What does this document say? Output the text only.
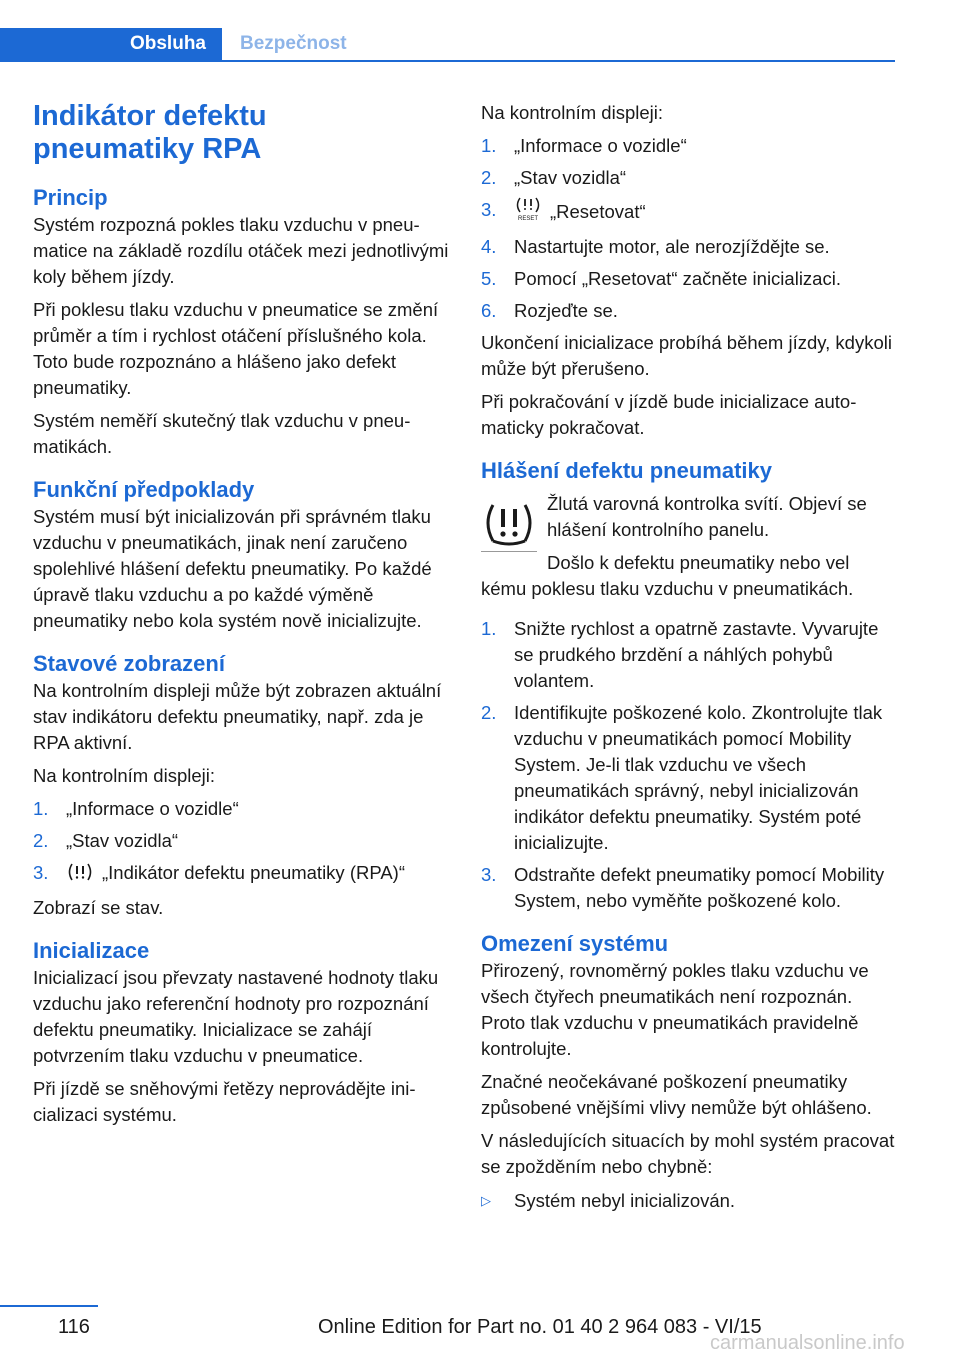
Obsluha	Bezpečnost
Indikátor defektu
pneumatiky RPA
Princip

Systém rozpozná pokles tlaku vzduchu v pneumatice na základě rozdílu otáček mezi jednotlivými koly během jízdy.

Při poklesu tlaku vzduchu v pneumatice se změní průměr a tím i rychlost otáčení příslušného kola. Toto bude rozpoznáno a hlášeno jako defekt pneumatiky.

Systém neměří skutečný tlak vzduchu v pneumatikách.

Funkční předpoklady

Systém musí být inicializován při správném tlaku vzduchu v pneumatikách, jinak není zaručeno spolehlivé hlášení defektu pneumatiky. Po každé úpravě tlaku vzduchu a po každé výměně pneumatiky nebo kola systém nově inicializujte.

Stavové zobrazení

Na kontrolním displeji může být zobrazen aktuální stav indikátoru defektu pneumatiky, např. zda je RPA aktivní.

Na kontrolním displeji:

1. „Informace o vozidle“
2. „Stav vozidla“
3.	„Indikátor defektu pneumatiky (RPA)“

Zobrazí se stav.

Inicializace

Inicializací jsou převzaty nastavené hodnoty tlaku vzduchu jako referenční hodnoty pro rozpoznání defektu pneumatiky. Inicializace se zahájí potvrzením tlaku vzduchu v pneumatice.

Při jízdě se sněhovými řetězy neprovádějte inicializaci systému.

Na kontrolním displeji:

1. „Informace o vozidle“
2. „Stav vozidla“
3.	RESET „Resetovat“
4. Nastartujte motor, ale nerozjíždějte se.
5. Pomocí „Resetovat“ začněte inicializaci.
6. Rozjeďte se.

Ukončení inicializace probíhá během jízdy, kdykoli může být přerušeno.

Při pokračování v jízdě bude inicializace automaticky pokračovat.

Hlášení defektu pneumatiky

Žlutá varovná kontrolka svítí. Objeví se hlášení kontrolního panelu.

Došlo k defektu pneumatiky nebo vel

kému poklesu tlaku vzduchu v pneumatikách.

1. Snižte rychlost a opatrně zastavte. Vyvarujte se prudkého brzdění a náhlých pohybů volantem.
2. Identifikujte poškozené kolo. Zkontrolujte tlak vzduchu v pneumatikách pomocí Mobility System. Je-li tlak vzduchu ve všech pneumatikách správný, nebyl inicializován indikátor defektu pneumatiky. Systém poté inicializujte.
3. Odstraňte defekt pneumatiky pomocí Mobility System, nebo vyměňte poškozené kolo.
Omezení systému

Přirozený, rovnoměrný pokles tlaku vzduchu ve všech čtyřech pneumatikách není rozpoznán. Proto tlak vzduchu v pneumatikách pravidelně kontrolujte.

Značné neočekávané poškození pneumatiky způsobené vnějšími vlivy nemůže být ohlášeno.

V následujících situacích by mohl systém pracovat se zpožděním nebo chybně:

▷ Systém nebyl inicializován.
116	Online Edition for Part no. 01 40 2 964 083 - VI/15
carmanualsonline.info
